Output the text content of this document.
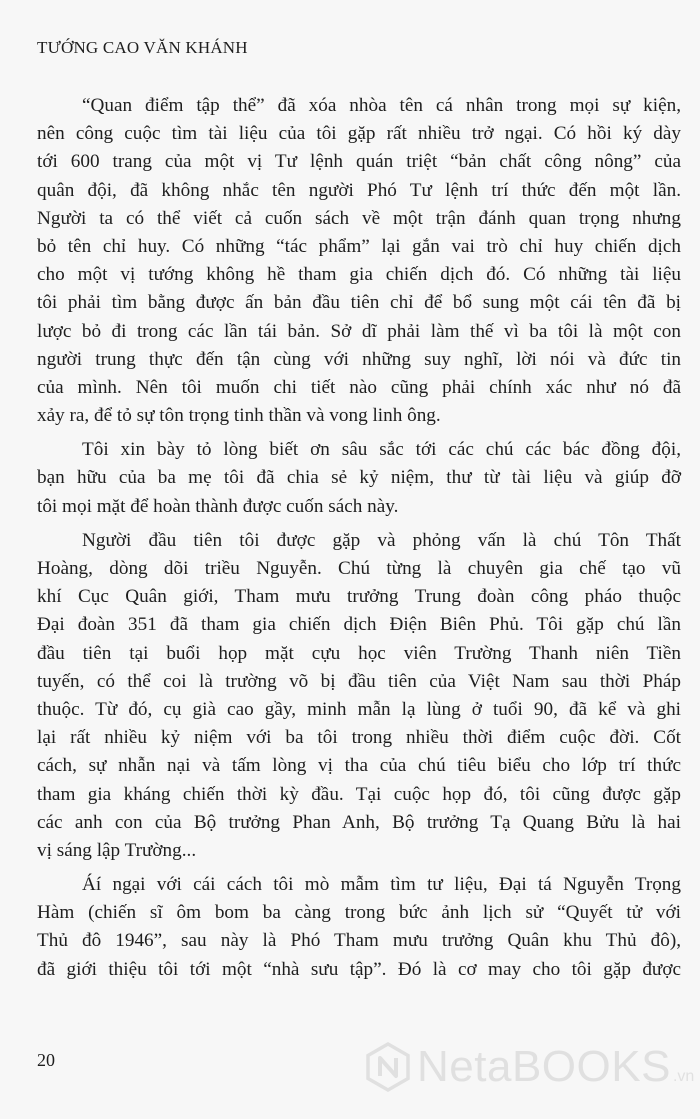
TƯỚNG CAO VĂN KHÁNH
“Quan điểm tập thể” đã xóa nhòa tên cá nhân trong mọi sự kiện,
nên công cuộc tìm tài liệu của tôi gặp rất nhiều trở ngại. Có hồi ký dày
tới 600 trang của một vị Tư lệnh quán triệt “bản chất công nông” của
quân đội, đã không nhắc tên người Phó Tư lệnh trí thức đến một lần.
Người ta có thể viết cả cuốn sách về một trận đánh quan trọng nhưng
bỏ tên chỉ huy. Có những “tác phẩm” lại gắn vai trò chỉ huy chiến dịch
cho một vị tướng không hề tham gia chiến dịch đó. Có những tài liệu
tôi phải tìm bằng được ấn bản đầu tiên chỉ để bổ sung một cái tên đã bị
lược bỏ đi trong các lần tái bản. Sở dĩ phải làm thế vì ba tôi là một con
người trung thực đến tận cùng với những suy nghĩ, lời nói và đức tin
của mình. Nên tôi muốn chi tiết nào cũng phải chính xác như nó đã
xảy ra, để tỏ sự tôn trọng tinh thần và vong linh ông.
Tôi xin bày tỏ lòng biết ơn sâu sắc tới các chú các bác đồng đội,
bạn hữu của ba mẹ tôi đã chia sẻ kỷ niệm, thư từ tài liệu và giúp đỡ
tôi mọi mặt để hoàn thành được cuốn sách này.
Người đầu tiên tôi được gặp và phỏng vấn là chú Tôn Thất
Hoàng, dòng dõi triều Nguyễn. Chú từng là chuyên gia chế tạo vũ
khí Cục Quân giới, Tham mưu trưởng Trung đoàn công pháo thuộc
Đại đoàn 351 đã tham gia chiến dịch Điện Biên Phủ. Tôi gặp chú lần
đầu tiên tại buổi họp mặt cựu học viên Trường Thanh niên Tiền
tuyến, có thể coi là trường võ bị đầu tiên của Việt Nam sau thời Pháp
thuộc. Từ đó, cụ già cao gầy, minh mẫn lạ lùng ở tuổi 90, đã kể và ghi
lại rất nhiều kỷ niệm với ba tôi trong nhiều thời điểm cuộc đời. Cốt
cách, sự nhẫn nại và tấm lòng vị tha của chú tiêu biểu cho lớp trí thức
tham gia kháng chiến thời kỳ đầu. Tại cuộc họp đó, tôi cũng được gặp
các anh con của Bộ trưởng Phan Anh, Bộ trưởng Tạ Quang Bửu là hai
vị sáng lập Trường...
Áí ngại với cái cách tôi mò mẫm tìm tư liệu, Đại tá Nguyễn Trọng
Hàm (chiến sĩ ôm bom ba càng trong bức ảnh lịch sử “Quyết tử với
Thủ đô 1946”, sau này là Phó Tham mưu trưởng Quân khu Thủ đô),
đã giới thiệu tôi tới một “nhà sưu tập”. Đó là cơ may cho tôi gặp được
20	NetaBOOKS .vn
